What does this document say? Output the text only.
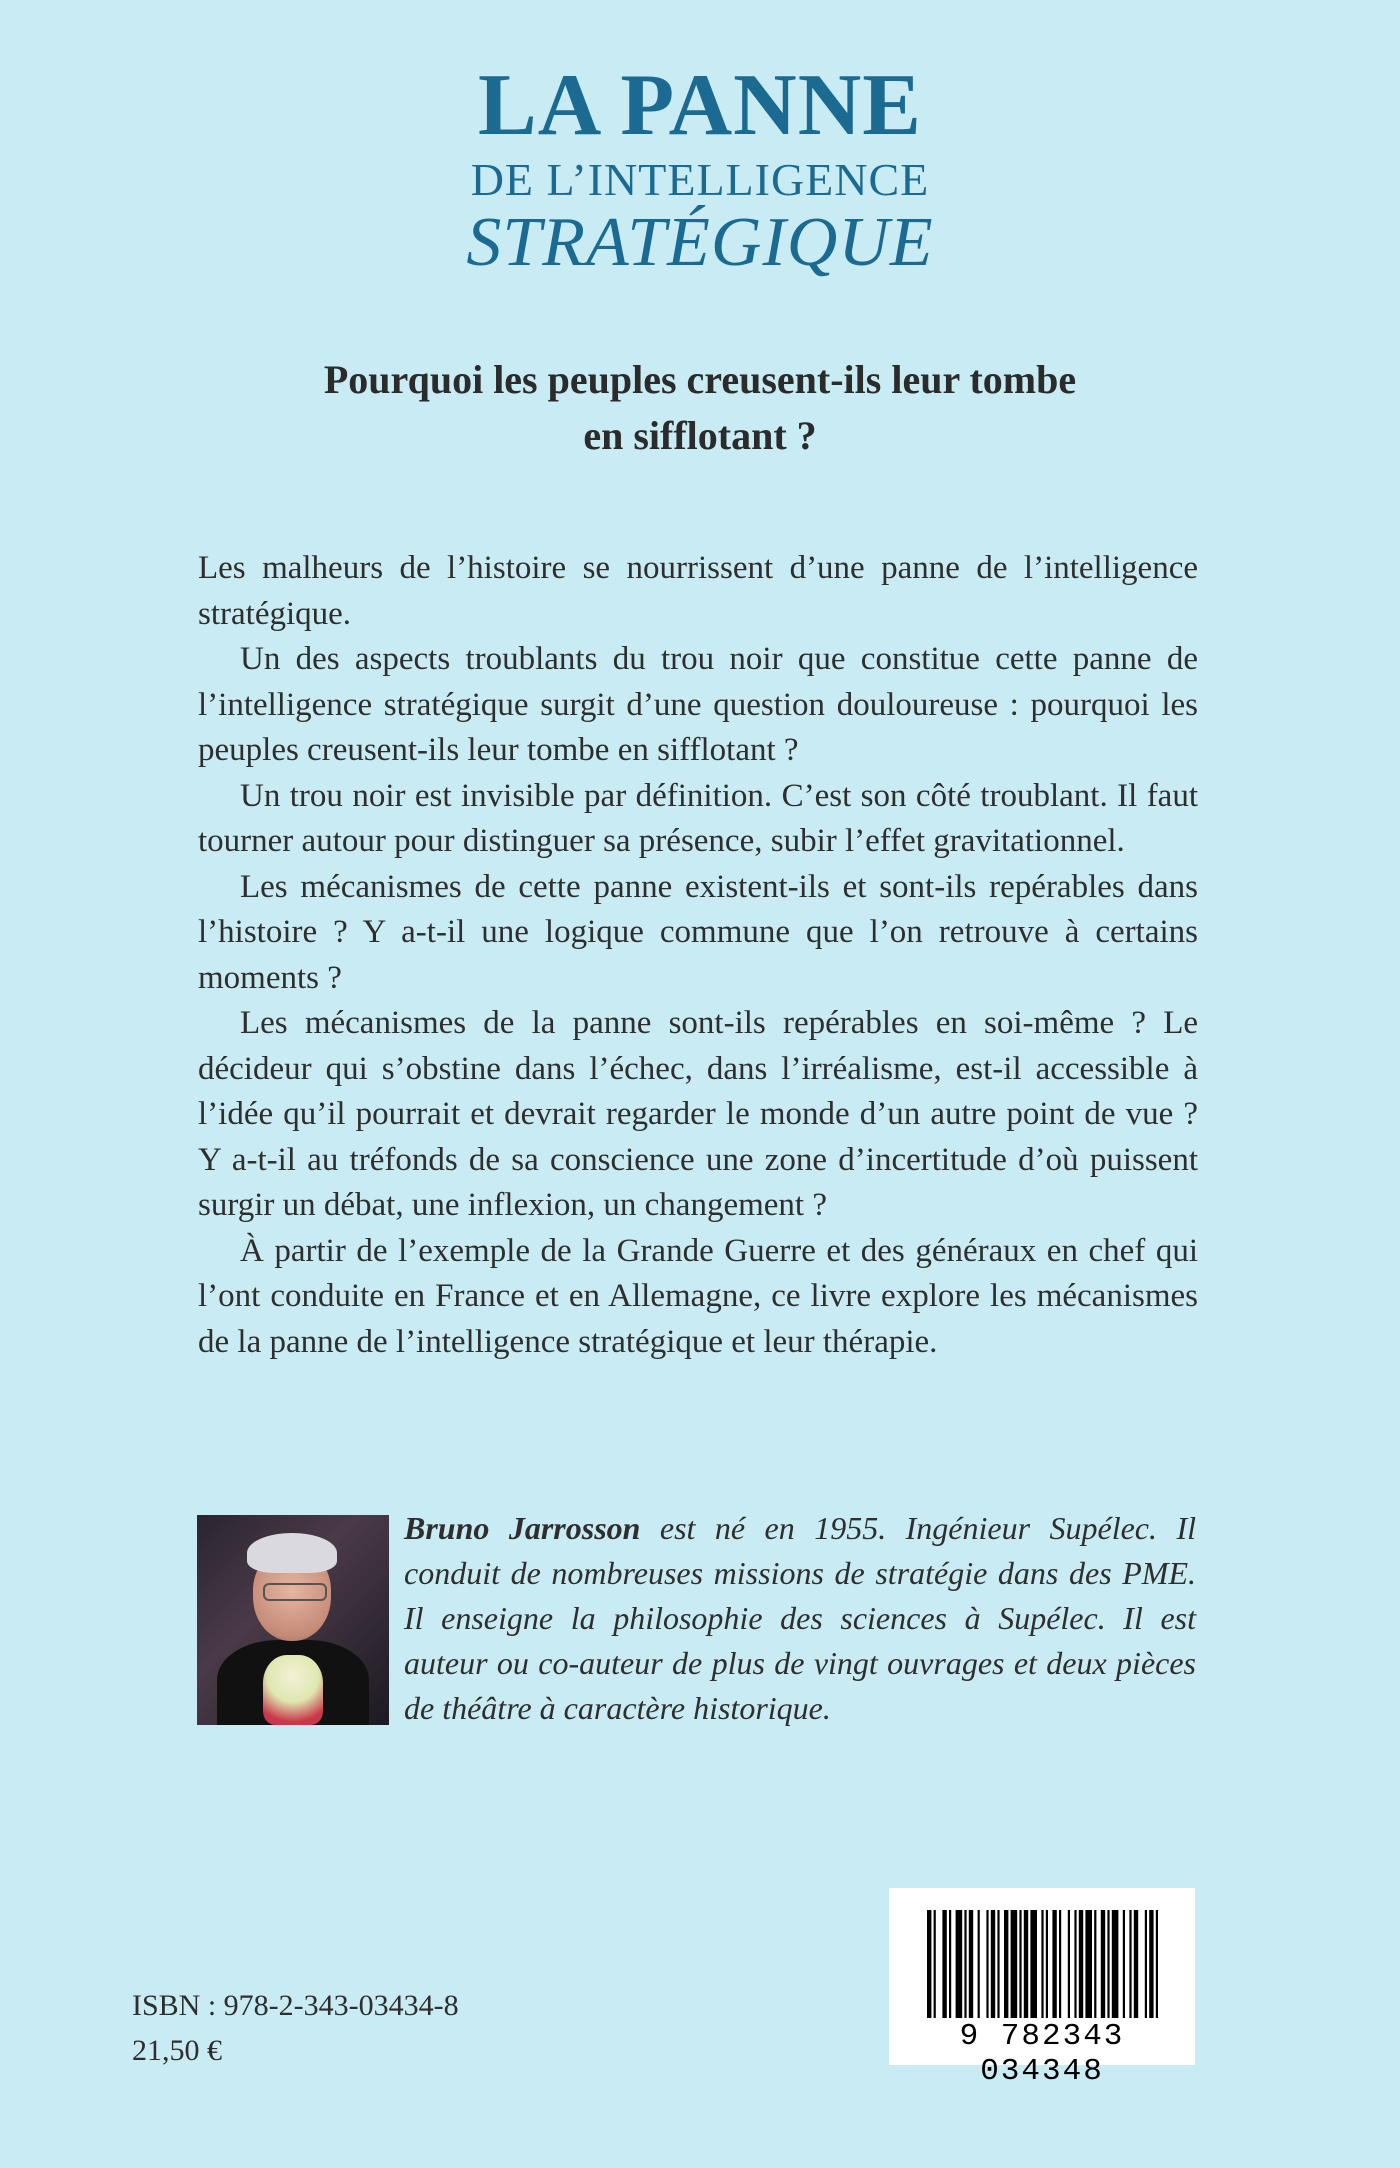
LA PANNE
DE L’INTELLIGENCE
STRATÉGIQUE
Pourquoi les peuples creusent-ils leur tombe
en sifflotant ?

Les malheurs de l’histoire se nourrissent d’une panne de l’intelligence stratégique.

Un des aspects troublants du trou noir que constitue cette panne de l’intelligence stratégique surgit d’une question douloureuse : pourquoi les peuples creusent-ils leur tombe en sifflotant ?

Un trou noir est invisible par définition. C’est son côté troublant. Il faut tourner autour pour distinguer sa présence, subir l’effet gravitationnel.

Les mécanismes de cette panne existent-ils et sont-ils repérables dans l’histoire ? Y a-t-il une logique commune que l’on retrouve à certains moments ?

Les mécanismes de la panne sont-ils repérables en soi-même ? Le décideur qui s’obstine dans l’échec, dans l’irréalisme, est-il accessible à l’idée qu’il pourrait et devrait regarder le monde d’un autre point de vue ? Y a-t-il au tréfonds de sa conscience une zone d’incertitude d’où puissent surgir un débat, une inflexion, un changement ?

À partir de l’exemple de la Grande Guerre et des généraux en chef qui l’ont conduite en France et en Allemagne, ce livre explore les mécanismes de la panne de l’intelligence stratégique et leur thérapie.

Bruno Jarrosson est né en 1955. Ingénieur Supélec. Il conduit de nombreuses missions de stratégie dans des PME. Il enseigne la philosophie des sciences à Supélec. Il est auteur ou co-auteur de plus de vingt ouvrages et deux pièces de théâtre à caractère historique.
ISBN : 978-2-343-03434-8
21,50 €	9 782343 034348
